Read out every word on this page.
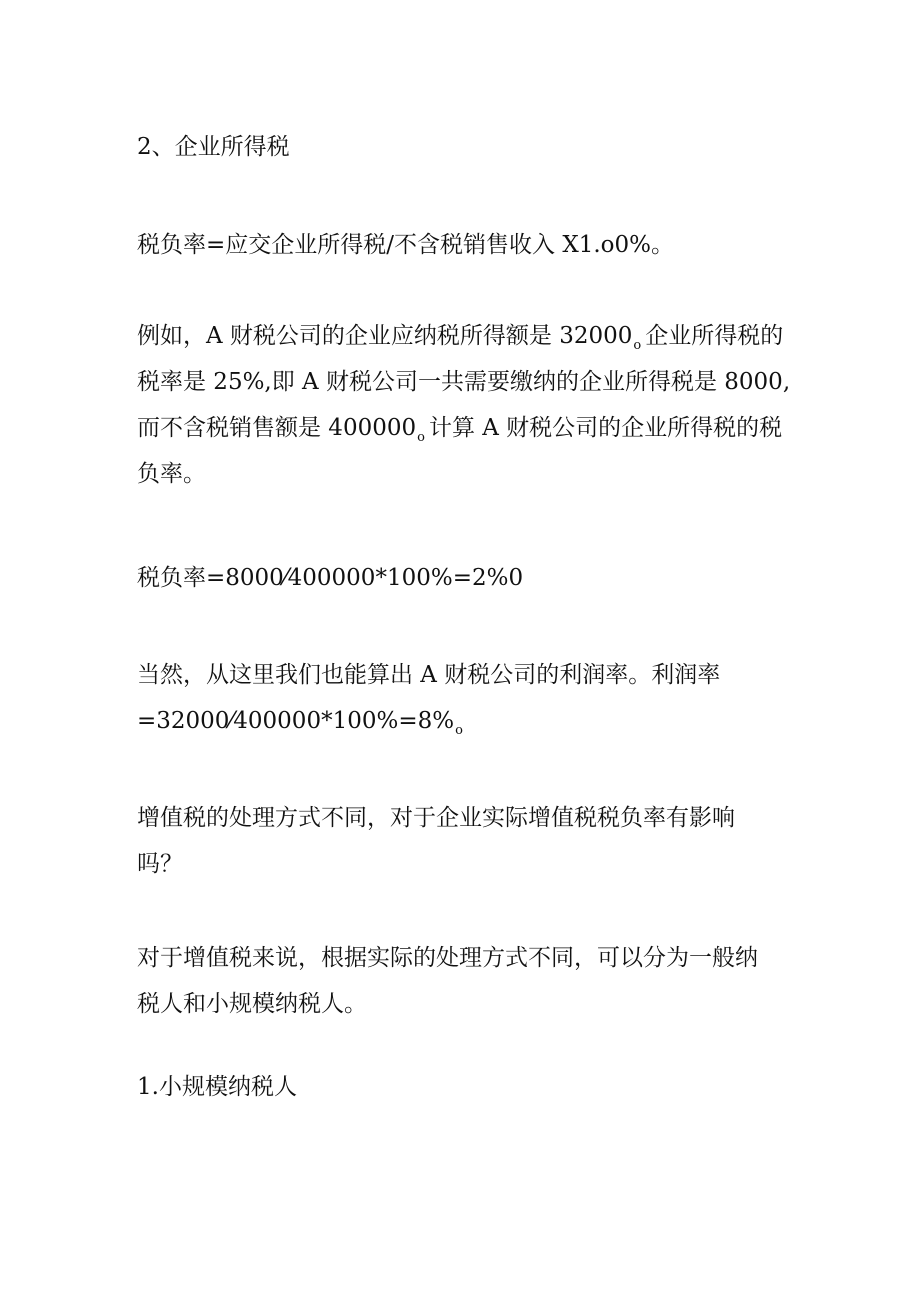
2、企业所得税

税负率=应交企业所得税/不含税销售收入 X1.o0%。

例如，A 财税公司的企业应纳税所得额是 $32000_o$ 企业所得税的
税率是 25%,即 A 财税公司一共需要缴纳的企业所得税是 8000,
而不含税销售额是 $400000_o$ 计算 A 财税公司的企业所得税的税
负率。

税负率=8000⁄400000*100%=2%0

当然，从这里我们也能算出 A 财税公司的利润率。利润率
$=32000⁄400000*100\%=8\%_o$

增值税的处理方式不同，对于企业实际增值税税负率有影响
吗？

对于增值税来说，根据实际的处理方式不同，可以分为一般纳
税人和小规模纳税人。

1.小规模纳税人
